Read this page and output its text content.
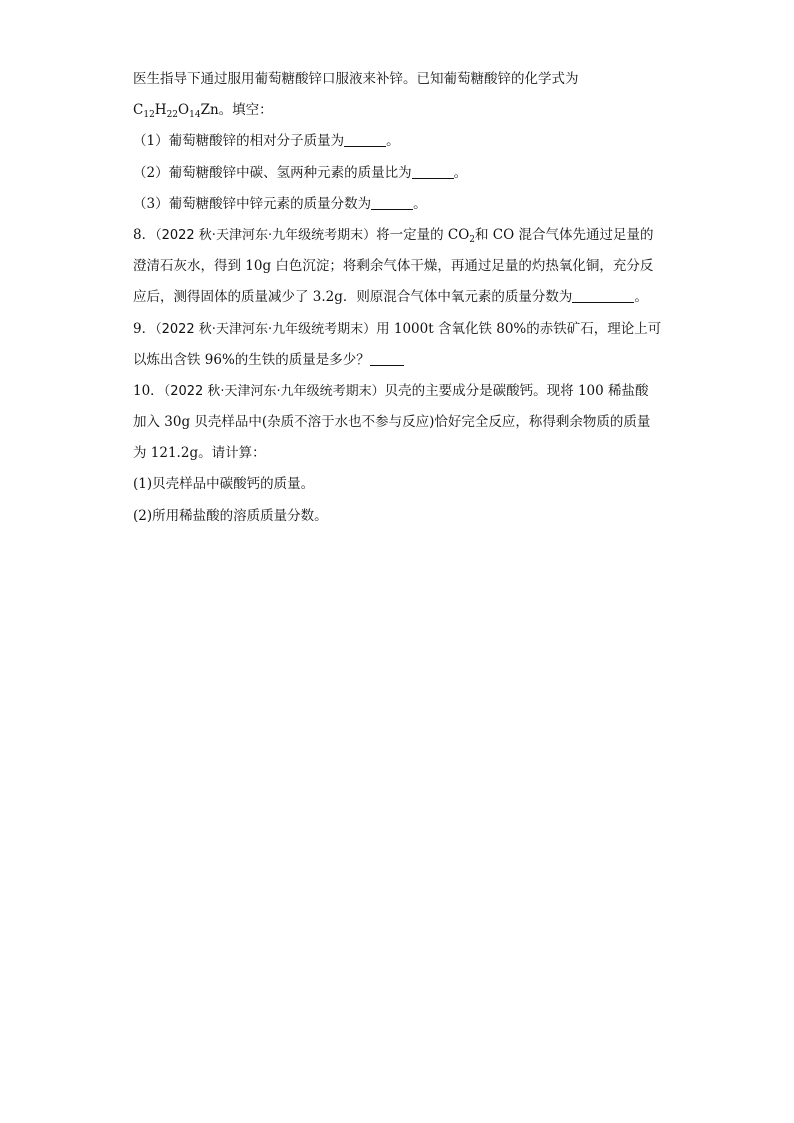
医生指导下通过服用葡萄糖酸锌口服液来补锌。已知葡萄糖酸锌的化学式为
$C_{12}H_{22}O_{14}Zn$。填空：
（1）葡萄糖酸锌的相对分子质量为	。
（2）葡萄糖酸锌中碳、氢两种元素的质量比为	。
（3）葡萄糖酸锌中锌元素的质量分数为	。
8．（2022 秋·天津河东·九年级统考期末）将一定量的 $CO_2$和 CO 混合气体先通过足量的
澄清石灰水，得到 10g 白色沉淀；将剩余气体干燥，再通过足量的灼热氧化铜，充分反
应后，测得固体的质量减少了 3.2g．则原混合气体中氧元素的质量分数为	。
9．（2022 秋·天津河东·九年级统考期末）用 1000t 含氧化铁 80%的赤铁矿石，理论上可
以炼出含铁 96%的生铁的质量是多少？
10．（2022 秋·天津河东·九年级统考期末）贝壳的主要成分是碳酸钙。现将 100 稀盐酸
加入 30g 贝壳样品中(杂质不溶于水也不参与反应)恰好完全反应，称得剩余物质的质量
为 121.2g。请计算：
(1)贝壳样品中碳酸钙的质量。
(2)所用稀盐酸的溶质质量分数。
